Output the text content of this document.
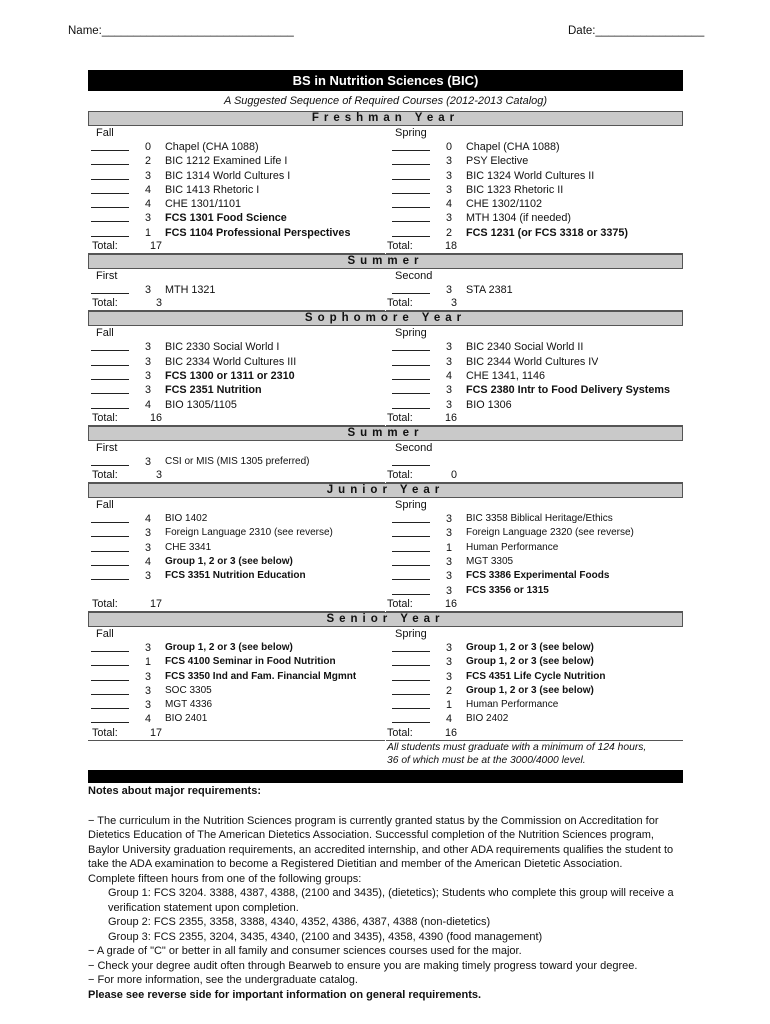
Name:______________________________	Date:_________________
BS in Nutrition Sciences (BIC)
A Suggested Sequence of Required Courses (2012-2013 Catalog)
Freshman Year
Fall
0 Chapel (CHA 1088)
2 BIC 1212 Examined Life I
3 BIC 1314 World Cultures I
4 BIC 1413 Rhetoric I
4 CHE 1301/1101
3 FCS 1301 Food Science
1 FCS 1104 Professional Perspectives
Total:	17
Spring
0 Chapel (CHA 1088)
3 PSY Elective
3 BIC 1324 World Cultures II
3 BIC 1323 Rhetoric II
4 CHE 1302/1102
3 MTH 1304 (if needed)
2 FCS 1231 (or FCS 3318 or 3375)
Total:	18
Summer
First
3 MTH 1321
Total:	3
Second
3 STA 2381
Total:	3
Sophomore Year
Fall
3 BIC 2330 Social World I
3 BIC 2334 World Cultures III
3 FCS 1300 or 1311 or 2310
3 FCS 2351 Nutrition
4 BIO 1305/1105
Total:	16
Spring
3 BIC 2340 Social World II
3 BIC 2344 World Cultures IV
4 CHE 1341, 1146
3 FCS 2380 Intr to Food Delivery Systems
3 BIO 1306
Total:	16
Summer
First
3 CSI or MIS (MIS 1305 preferred)
Total:	3
Second
Total:	0
Junior Year
Fall
4 BIO 1402
3 Foreign Language 2310 (see reverse)
3 CHE 3341
4 Group 1, 2 or 3 (see below)
3 FCS 3351 Nutrition Education
Total:	17
Spring
3 BIC 3358 Biblical Heritage/Ethics
3 Foreign Language 2320 (see reverse)
1 Human Performance
3 MGT 3305
3 FCS 3386 Experimental Foods
3 FCS 3356 or 1315
Total:	16
Senior Year
Fall
3 Group 1, 2 or 3 (see below)
1 FCS 4100 Seminar in Food Nutrition
3 FCS 3350 Ind and Fam. Financial Mgmnt
3 SOC 3305
3 MGT 4336
4 BIO 2401
Total:	17
Spring
3 Group 1, 2 or 3 (see below)
3 Group 1, 2 or 3 (see below)
3 FCS 4351 Life Cycle Nutrition
2 Group 1, 2 or 3 (see below)
1 Human Performance
4 BIO 2402
Total:	16
All students must graduate with a minimum of 124 hours,
36 of which must be at the 3000/4000 level.
Notes about major requirements:

− The curriculum in the Nutrition Sciences program is currently granted status by the Commission on Accreditation for Dietetics Education of The American Dietetics Association. Successful completion of the Nutrition Sciences program, Baylor University graduation requirements, an accredited internship, and other ADA requirements qualifies the student to take the ADA examination to become a Registered Dietitian and member of the American Dietetic Association.

Complete fifteen hours from one of the following groups:

Group 1: FCS 3204. 3388, 4387, 4388, (2100 and 3435), (dietetics); Students who complete this group will receive a verification statement upon completion.

Group 2: FCS 2355, 3358, 3388, 4340, 4352, 4386, 4387, 4388 (non-dietetics)

Group 3: FCS 2355, 3204, 3435, 4340, (2100 and 3435), 4358, 4390 (food management)

− A grade of "C" or better in all family and consumer sciences courses used for the major.

− Check your degree audit often through Bearweb to ensure you are making timely progress toward your degree.

− For more information, see the undergraduate catalog.

Please see reverse side for important information on general requirements.
